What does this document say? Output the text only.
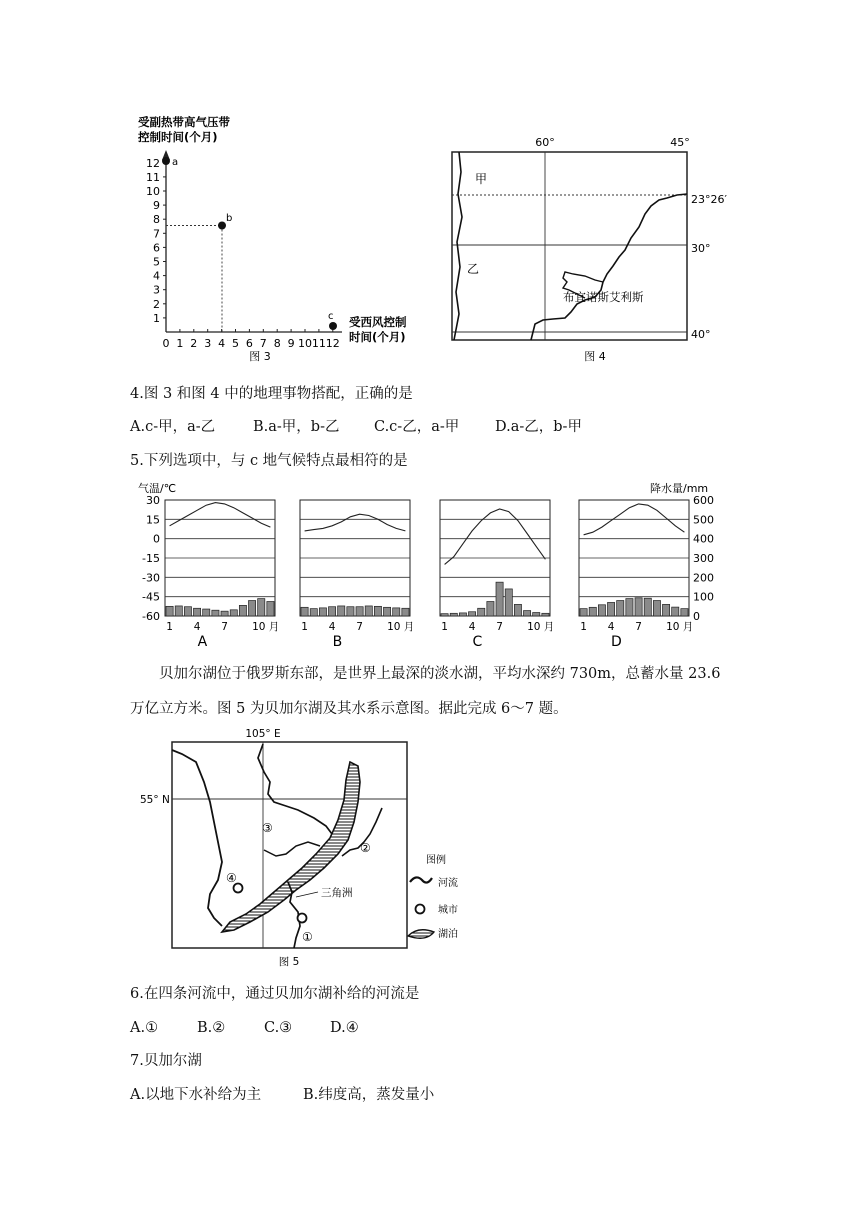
受副热带高气压带
控制时间(个月)
1
2
3
4
5
6
7
8
9
10
11
12
0 1 2 3 4 5 6 7 8 9 10 11 12
a
b
c 受西风控制
时间(个月)
图 3
60°	45°
23°26′
30°
40°
甲
乙
布宜诺斯艾利斯
图 4
4.图 3 和图 4 中的地理事物搭配，正确的是
A.c-甲，a-乙	B.a-甲，b-乙 C.c-乙，a-甲 D.a-乙，b-甲
5.下列选项中，与 c 地气候特点最相符的是
气温/℃	降水量/mm
30
15
0
-15
-30
-45
-60
600
500
400
300
200
100
0
1 4 7 10 月
A
1 4 7 10 月
B
1 4 7 10 月
C
1 4 7 10 月
D
贝加尔湖位于俄罗斯东部，是世界上最深的淡水湖，平均水深约 730m，总蓄水量 23.6
万亿立方米。图 5 为贝加尔湖及其水系示意图。据此完成 6～7 题。
105° E
55° N
③
②
④
①
三角洲
图例
河流
城市
湖泊
图 5
6.在四条河流中，通过贝加尔湖补给的河流是
A.①	B.②	C.③	D.④
7.贝加尔湖
A.以地下水补给为主	B.纬度高，蒸发量小
